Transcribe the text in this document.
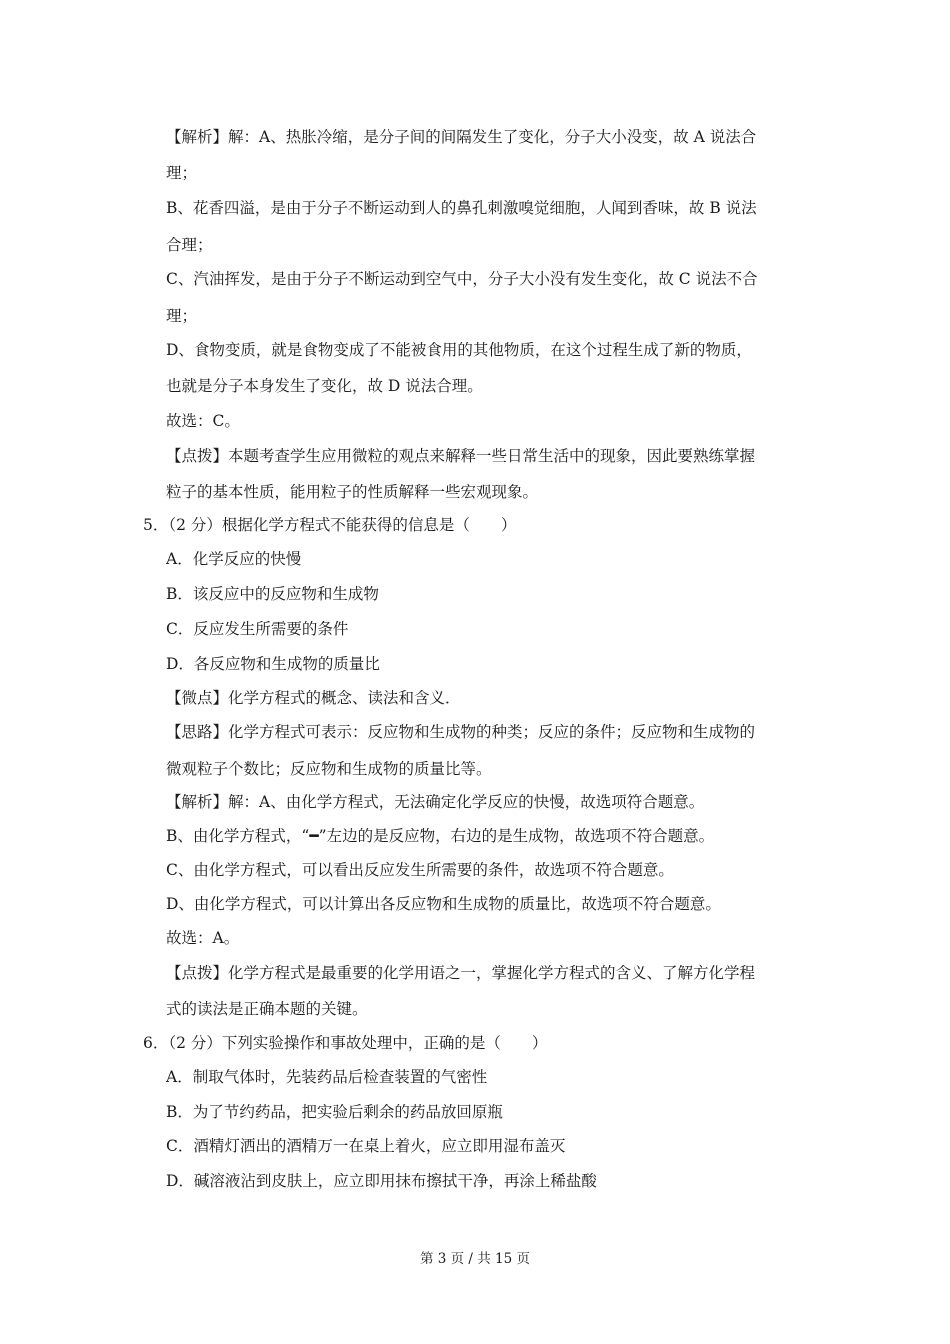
【解析】解：A、热胀冷缩，是分子间的间隔发生了变化，分子大小没变，故 A 说法合
理；
B、花香四溢，是由于分子不断运动到人的鼻孔刺激嗅觉细胞，人闻到香味，故 B 说法
合理；
C、汽油挥发，是由于分子不断运动到空气中，分子大小没有发生变化，故 C 说法不合
理；
D、食物变质，就是食物变成了不能被食用的其他物质，在这个过程生成了新的物质，
也就是分子本身发生了变化，故 D 说法合理。
故选：C。
【点拨】本题考查学生应用微粒的观点来解释一些日常生活中的现象，因此要熟练掌握
粒子的基本性质，能用粒子的性质解释一些宏观现象。
5．（2 分）根据化学方程式不能获得的信息是（　　）
A．化学反应的快慢
B．该反应中的反应物和生成物
C．反应发生所需要的条件
D．各反应物和生成物的质量比
【微点】化学方程式的概念、读法和含义．
【思路】化学方程式可表示：反应物和生成物的种类；反应的条件；反应物和生成物的
微观粒子个数比；反应物和生成物的质量比等。
【解析】解：A、由化学方程式，无法确定化学反应的快慢，故选项符合题意。
B、由化学方程式，“━”左边的是反应物，右边的是生成物，故选项不符合题意。
C、由化学方程式，可以看出反应发生所需要的条件，故选项不符合题意。
D、由化学方程式，可以计算出各反应物和生成物的质量比，故选项不符合题意。
故选：A。
【点拨】化学方程式是最重要的化学用语之一，掌握化学方程式的含义、了解方化学程
式的读法是正确本题的关键。
6．（2 分）下列实验操作和事故处理中，正确的是（　　）
A．制取气体时，先装药品后检查装置的气密性
B．为了节约药品，把实验后剩余的药品放回原瓶
C．酒精灯洒出的酒精万一在桌上着火，应立即用湿布盖灭
D．碱溶液沾到皮肤上，应立即用抹布擦拭干净，再涂上稀盐酸
第 3 页 / 共 15 页
